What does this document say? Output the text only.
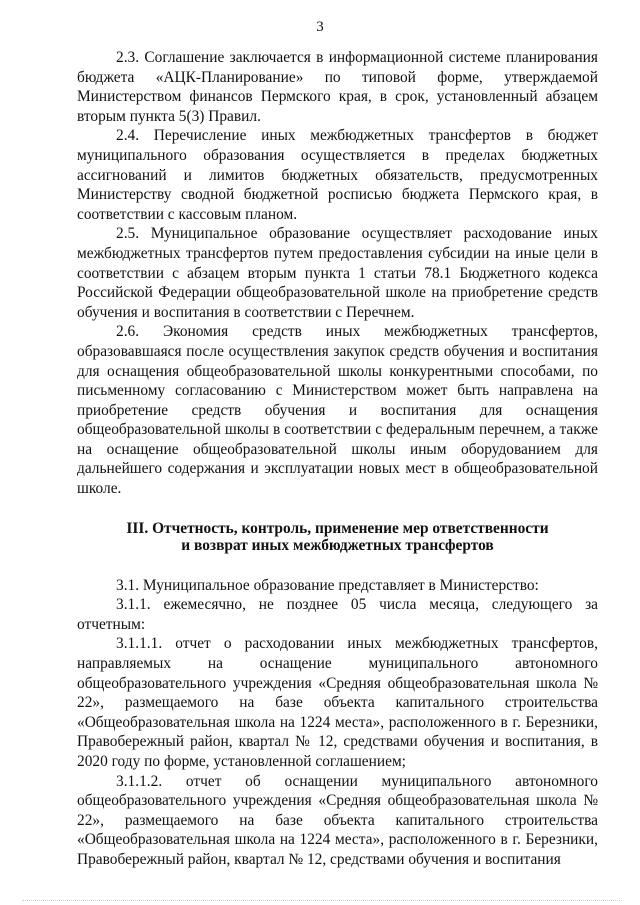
3

2.3. Соглашение заключается в информационной системе планирования бюджета «АЦК-Планирование» по типовой форме, утверждаемой Министерством финансов Пермского края, в срок, установленный абзацем вторым пункта 5(3) Правил.

2.4. Перечисление иных межбюджетных трансфертов в бюджет муниципального образования осуществляется в пределах бюджетных ассигнований и лимитов бюджетных обязательств, предусмотренных Министерству сводной бюджетной росписью бюджета Пермского края, в соответствии с кассовым планом.

2.5. Муниципальное образование осуществляет расходование иных межбюджетных трансфертов путем предоставления субсидии на иные цели в соответствии с абзацем вторым пункта 1 статьи 78.1 Бюджетного кодекса Российской Федерации общеобразовательной школе на приобретение средств обучения и воспитания в соответствии с Перечнем.

2.6. Экономия средств иных межбюджетных трансфертов, образовавшаяся после осуществления закупок средств обучения и воспитания для оснащения общеобразовательной школы конкурентными способами, по письменному согласованию с Министерством может быть направлена на приобретение средств обучения и воспитания для оснащения общеобразовательной школы в соответствии с федеральным перечнем, а также на оснащение общеобразовательной школы иным оборудованием для дальнейшего содержания и эксплуатации новых мест в общеобразовательной школе.

III. Отчетность, контроль, применение мер ответственности
и возврат иных межбюджетных трансфертов

3.1. Муниципальное образование представляет в Министерство:

3.1.1. ежемесячно, не позднее 05 числа месяца, следующего за отчетным:

3.1.1.1. отчет о расходовании иных межбюджетных трансфертов, направляемых на оснащение муниципального автономного общеобразовательного учреждения «Средняя общеобразовательная школа № 22», размещаемого на базе объекта капитального строительства «Общеобразовательная школа на 1224 места», расположенного в г. Березники, Правобережный район, квартал № 12, средствами обучения и воспитания, в 2020 году по форме, установленной соглашением;

3.1.1.2. отчет об оснащении муниципального автономного общеобразовательного учреждения «Средняя общеобразовательная школа № 22», размещаемого на базе объекта капитального строительства «Общеобразовательная школа на 1224 места», расположенного в г. Березники, Правобережный район, квартал № 12, средствами обучения и воспитания
